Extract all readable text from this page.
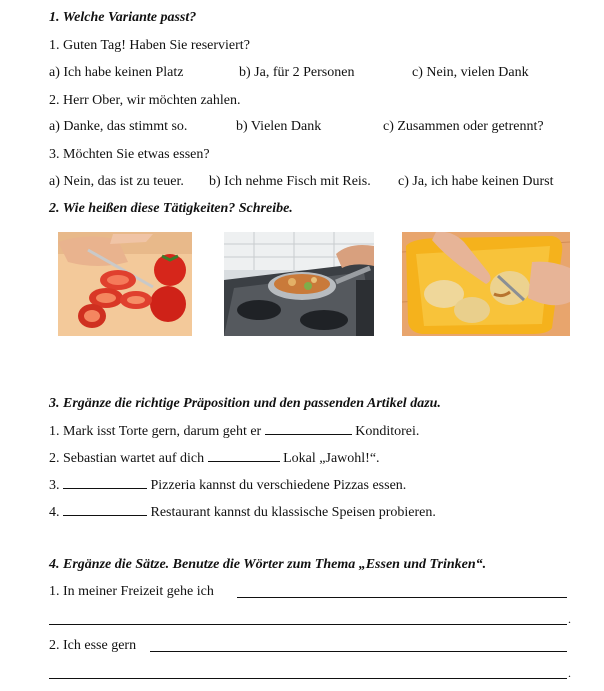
1. Welche Variante passt?
1. Guten Tag! Haben Sie reserviert?
a) Ich habe keinen Platz	b) Ja, für 2 Personen	c) Nein, vielen Dank
2. Herr Ober, wir möchten zahlen.
a) Danke, das stimmt so.	b) Vielen Dank	c) Zusammen oder getrennt?
3. Möchten Sie etwas essen?
a) Nein, das ist zu teuer. b) Ich nehme Fisch mit Reis. c) Ja, ich habe keinen Durst
2. Wie heißen diese Tätigkeiten? Schreibe.
3. Ergänze die richtige Präposition und den passenden Artikel dazu.
1. Mark isst Torte gern, darum geht er	Konditorei.
2. Sebastian wartet auf dich	Lokal „Jawohl!“.
3.	Pizzeria kannst du verschiedene Pizzas essen.
4.	Restaurant kannst du klassische Speisen probieren.
4. Ergänze die Sätze. Benutze die Wörter zum Thema „Essen und Trinken“.
1. In meiner Freizeit gehe ich
.
2. Ich esse gern
.
